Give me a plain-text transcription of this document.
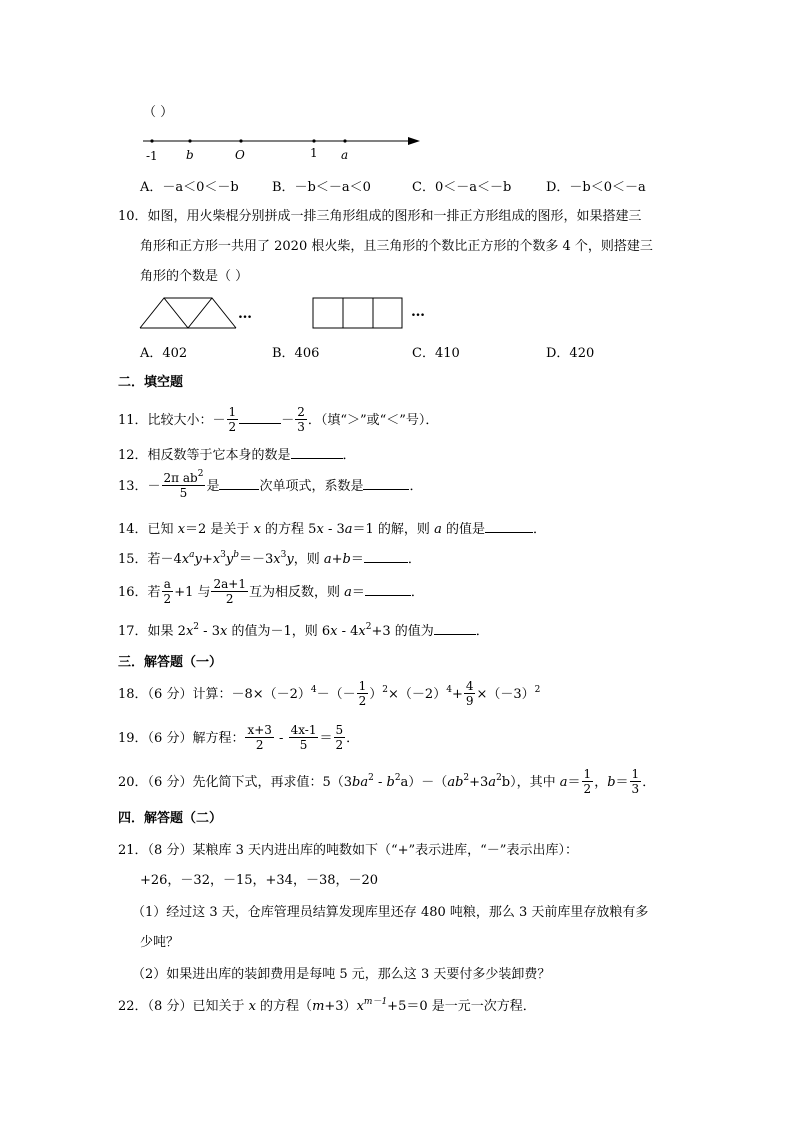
（ ）
-1 b	O	1 a
A．－a＜0＜－b	B．－b＜－a＜0	C．0＜－a＜－b	D．－b＜0＜－a
10．如图，用火柴棍分别拼成一排三角形组成的图形和一排正方形组成的图形，如果搭建三
角形和正方形一共用了 2020 根火柴，且三角形的个数比正方形的个数多 4 个，则搭建三
角形的个数是（ ）
…	…
A．402	B．406	C．410	D．420
二．填空题
11．比较大小：－ $\frac{1}{2}$	－ $\frac{2}{3}$ ．（填“＞”或“＜”号）．
12．相反数等于它本身的数是	．
13．－ $\frac{2\pi ab^2}{5}$ 是	次单项式，系数是	．
14．已知 x＝2 是关于 x 的方程 5x - 3a＝1 的解，则 a 的值是	．
15．若$-4x^ay+x^3y^b=-3x^3y$，则 a+b＝	．
16．若 $\frac{a}{2} +1$ 与 $\frac{2a+1}{2}$ 互为相反数，则 a＝	．
17．如果 $2x^2 - 3x$ 的值为－1，则 $6x - 4x^2+3$ 的值为	．
三．解答题（一）
18．（6 分）计算：$-8\times(-2)^4-(- \frac{1}{2} )^2\times(-2)^4+ \frac{4}{9} \times(-3)^2$
19．（6 分）解方程： $\frac{x+3}{2} - \frac{4x-1}{5} = \frac{5}{2}$ ．
20．（6 分）先化简下式，再求值：$5(3ba^2 - b^2a)-(ab^2+3a^2b)$，其中 $a= \frac{1}{2}$ ，$b= \frac{1}{3}$ ．
四．解答题（二）
21．（8 分）某粮库 3 天内进出库的吨数如下（“+”表示进库，“－”表示出库）：
+26，－32，－15，+34，－38，－20
（1）经过这 3 天，仓库管理员结算发现库里还存 480 吨粮，那么 3 天前库里存放粮有多
少吨？
（2）如果进出库的装卸费用是每吨 5 元，那么这 3 天要付多少装卸费？
22．（8 分）已知关于 x 的方程$(m+3)x^{m-1}+5=0$ 是一元一次方程．
